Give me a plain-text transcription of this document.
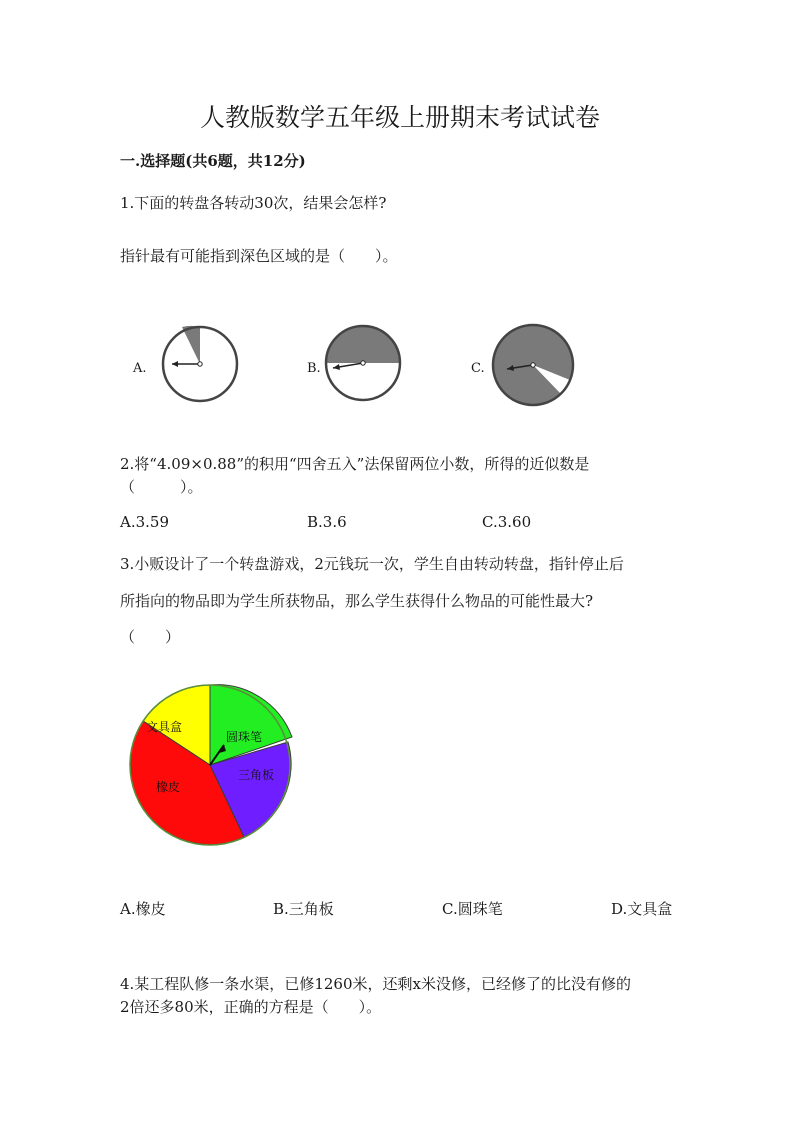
人教版数学五年级上册期末考试试卷
一.选择题(共6题，共12分)
1.下面的转盘各转动30次，结果会怎样?
指针最有可能指到深色区域的是（　　）。
A.	B.	C.
2.将“4.09×0.88”的积用“四舍五入”法保留两位小数，所得的近似数是
（　　　）。
A.3.59	B.3.6	C.3.60
3.小贩设计了一个转盘游戏，2元钱玩一次，学生自由转动转盘，指针停止后
所指向的物品即为学生所获物品，那么学生获得什么物品的可能性最大?
（　　）
文具盒
圆珠笔
三角板
橡皮
A.橡皮	B.三角板	C.圆珠笔	D.文具盒
4.某工程队修一条水渠，已修1260米，还剩x米没修，已经修了的比没有修的
2倍还多80米，正确的方程是（　　）。
